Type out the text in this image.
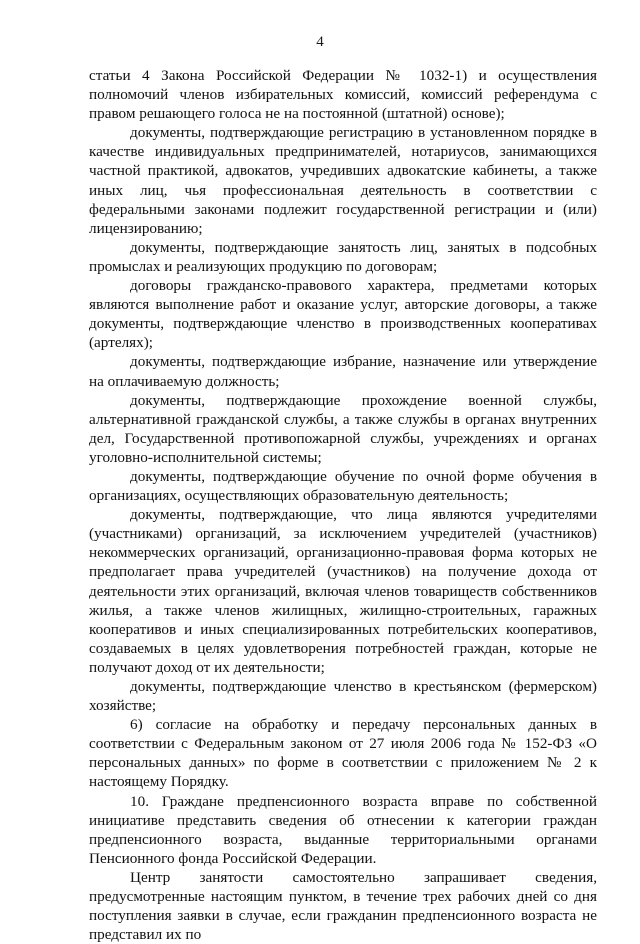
4

статьи 4 Закона Российской Федерации № 1032-1) и осуществления полномочий членов избирательных комиссий, комиссий референдума с правом решающего голоса не на постоянной (штатной) основе);

документы, подтверждающие регистрацию в установленном порядке в качестве индивидуальных предпринимателей, нотариусов, занимающихся частной практикой, адвокатов, учредивших адвокатские кабинеты, а также иных лиц, чья профессиональная деятельность в соответствии с федеральными законами подлежит государственной регистрации и (или) лицензированию;

документы, подтверждающие занятость лиц, занятых в подсобных промыслах и реализующих продукцию по договорам;

договоры гражданско-правового характера, предметами которых являются выполнение работ и оказание услуг, авторские договоры, а также документы, подтверждающие членство в производственных кооперативах (артелях);

документы, подтверждающие избрание, назначение или утверждение на оплачиваемую должность;

документы, подтверждающие прохождение военной службы, альтернативной гражданской службы, а также службы в органах внутренних дел, Государственной противопожарной службы, учреждениях и органах уголовно-исполнительной системы;

документы, подтверждающие обучение по очной форме обучения в организациях, осуществляющих образовательную деятельность;

документы, подтверждающие, что лица являются учредителями (участниками) организаций, за исключением учредителей (участников) некоммерческих организаций, организационно-правовая форма которых не предполагает права учредителей (участников) на получение дохода от деятельности этих организаций, включая членов товариществ собственников жилья, а также членов жилищных, жилищно-строительных, гаражных кооперативов и иных специализированных потребительских кооперативов, создаваемых в целях удовлетворения потребностей граждан, которые не получают доход от их деятельности;

документы, подтверждающие членство в крестьянском (фермерском) хозяйстве;

6) согласие на обработку и передачу персональных данных в соответствии с Федеральным законом от 27 июля 2006 года № 152-ФЗ «О персональных данных» по форме в соответствии с приложением № 2 к настоящему Порядку.

10. Граждане предпенсионного возраста вправе по собственной инициативе представить сведения об отнесении к категории граждан предпенсионного возраста, выданные территориальными органами Пенсионного фонда Российской Федерации.

Центр занятости самостоятельно запрашивает сведения, предусмотренные настоящим пунктом, в течение трех рабочих дней со дня поступления заявки в случае, если гражданин предпенсионного возраста не представил их по
